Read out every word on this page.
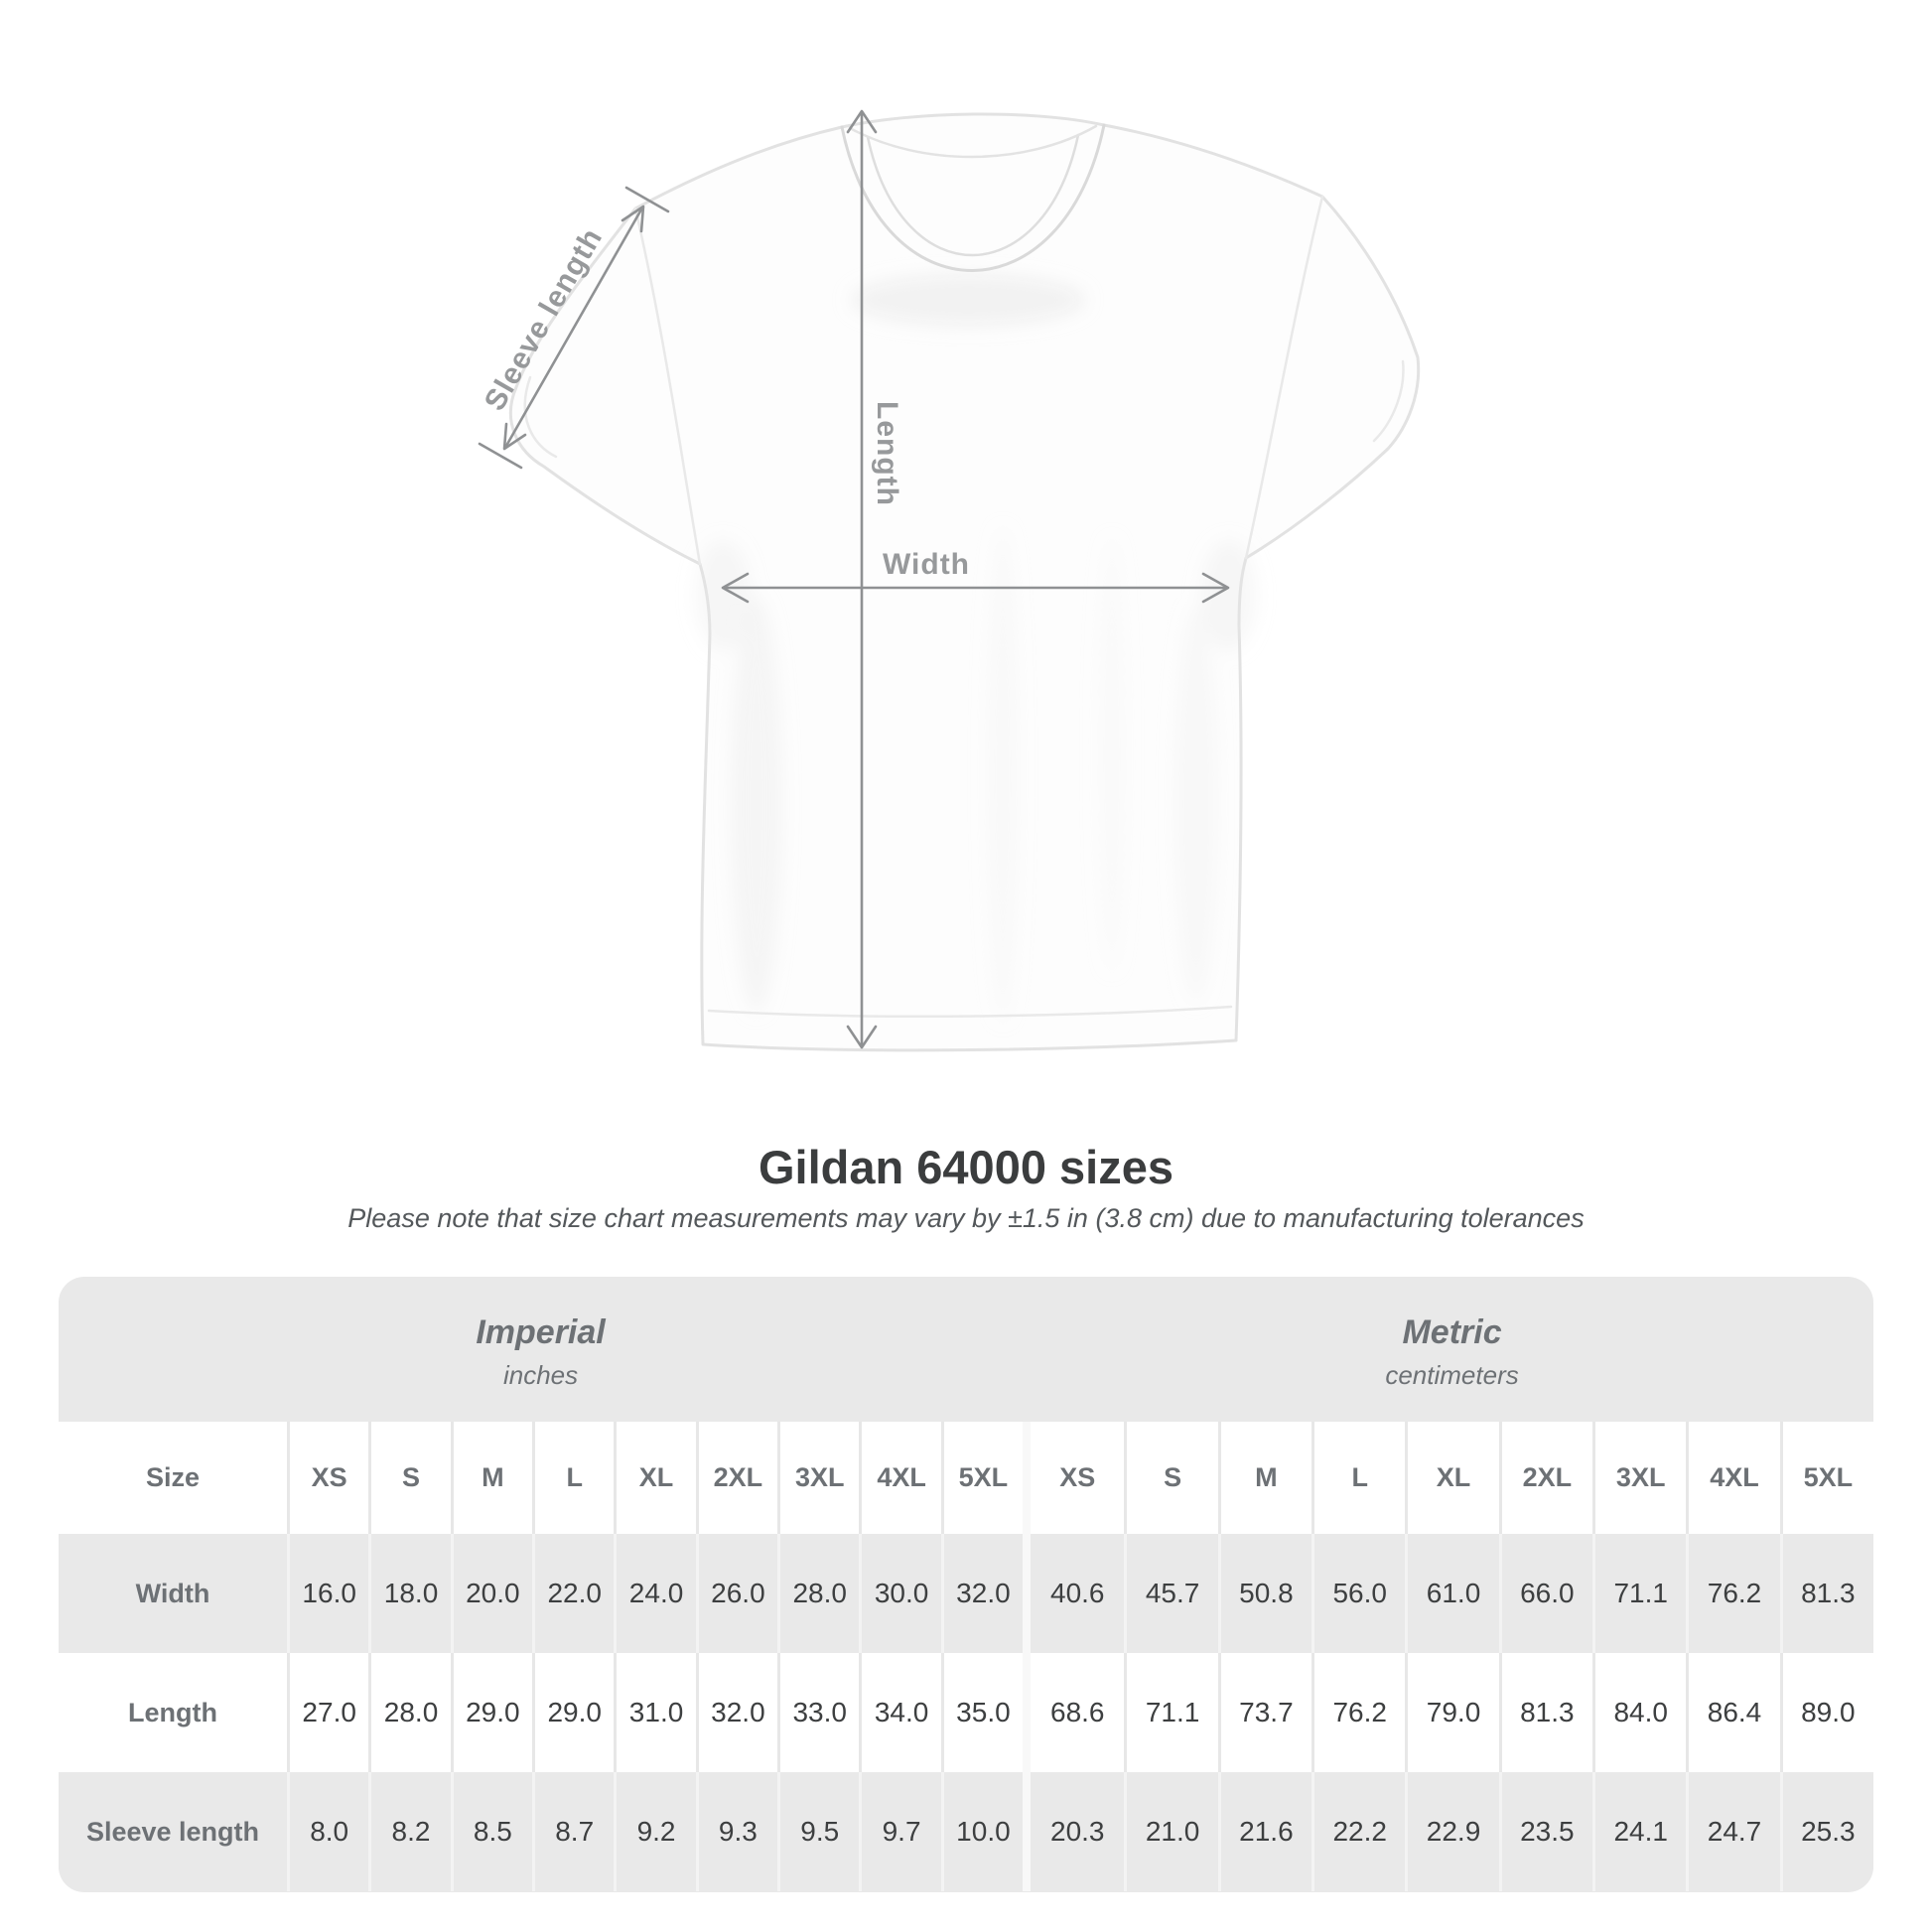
Sleeve length
Length
Width
Gildan 64000 sizes

Please note that size chart measurements may vary by ±1.5 in (3.8 cm) due to manufacturing tolerances

Imperial
inches
Metric
centimeters
Size	XS	S	M	L	XL	2XL	3XL	4XL	5XL	XS	S	M	L	XL	2XL	3XL	4XL	5XL
Width	16.0 18.0 20.0 22.0 24.0 26.0 28.0 30.0 32.0	40.6	45.7	50.8	56.0	61.0	66.0	71.1	76.2	81.3
Length	27.0 28.0 29.0 29.0 31.0 32.0 33.0 34.0 35.0	68.6	71.1	73.7	76.2	79.0	81.3	84.0	86.4	89.0
Sleeve length	8.0	8.2	8.5	8.7	9.2	9.3	9.5	9.7	10.0	20.3	21.0	21.6	22.2	22.9	23.5	24.1	24.7	25.3
